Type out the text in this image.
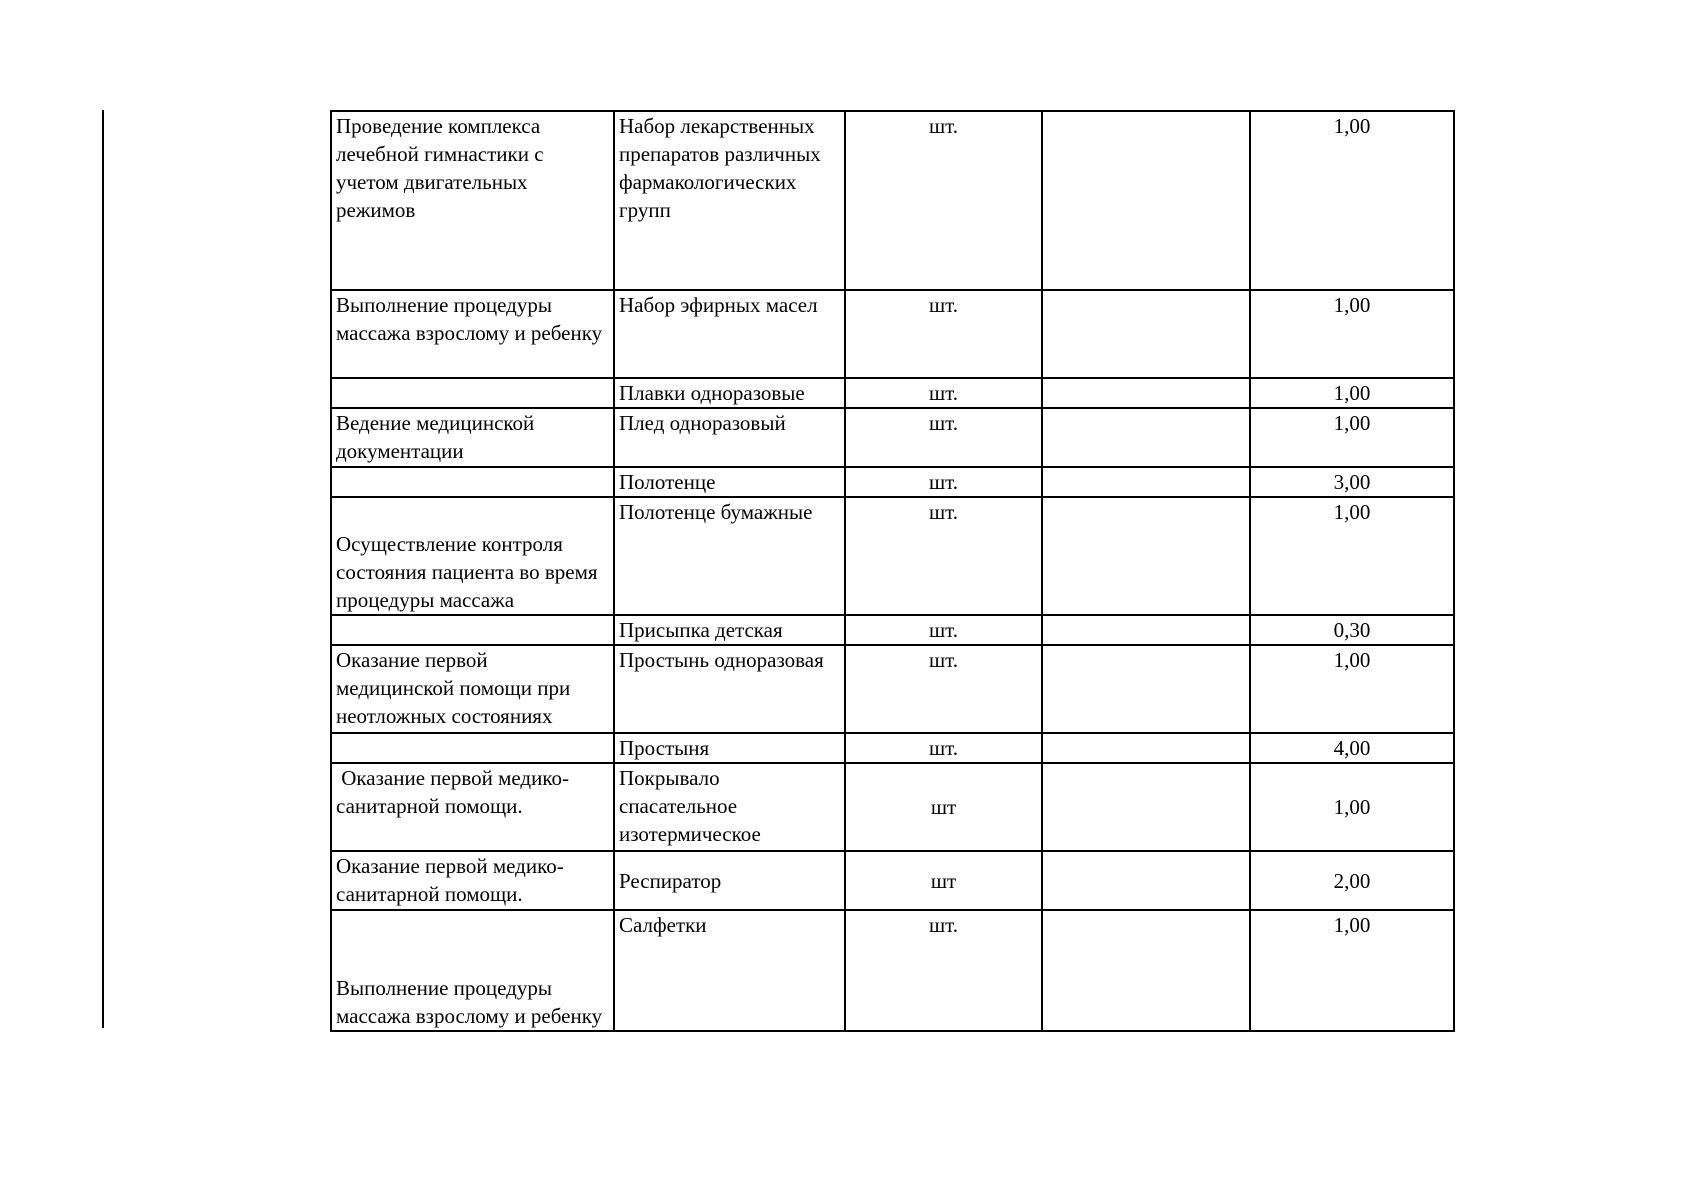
Проведение комплекса лечебной гимнастики с учетом двигательных режимов	Набор лекарственных препаратов различных фармакологических групп	шт.		1,00
Выполнение процедуры массажа взрослому и ребенку	Набор эфирных масел	шт.		1,00
	Плавки одноразовые	шт.		1,00
Ведение медицинской документации	Плед одноразовый	шт.		1,00
	Полотенце	шт.		3,00
Осуществление контроля состояния пациента во время процедуры массажа	Полотенце бумажные	шт.		1,00
	Присыпка детская	шт.		0,30
Оказание первой медицинской помощи при неотложных состояниях	Простынь одноразовая	шт.		1,00
	Простыня	шт.		4,00
Оказание первой медико-санитарной помощи.	Покрывало спасательное изотермическое	шт		1,00
Оказание первой медико-санитарной помощи.	Респиратор	шт		2,00
Выполнение процедуры массажа взрослому и ребенку	Салфетки	шт.		1,00
